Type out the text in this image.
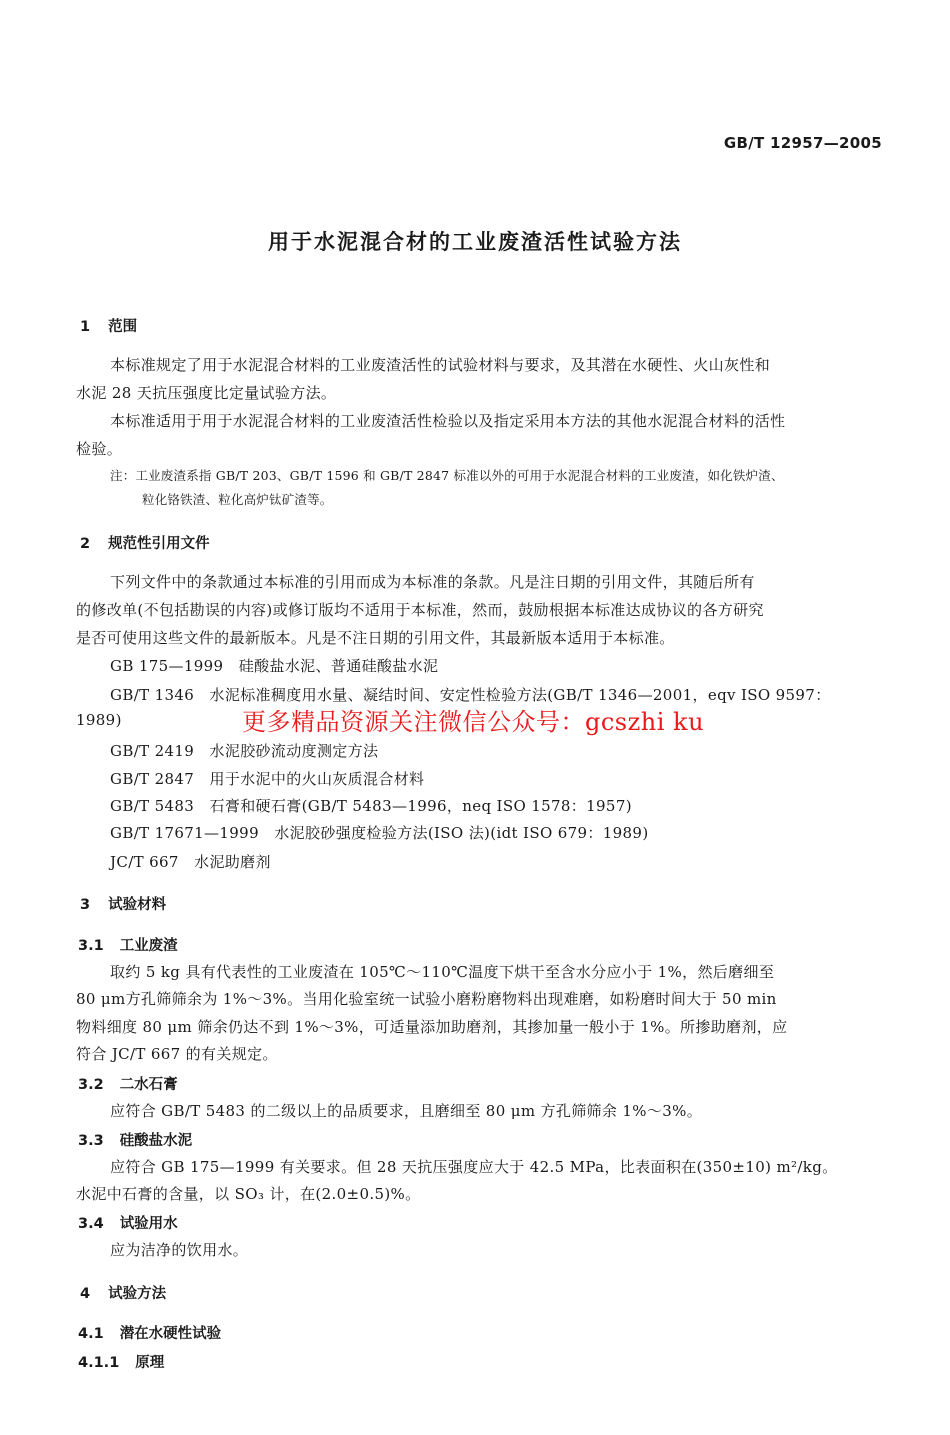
GB/T 12957—2005
用于水泥混合材的工业废渣活性试验方法
1 范围
本标准规定了用于水泥混合材料的工业废渣活性的试验材料与要求，及其潜在水硬性、火山灰性和
水泥 28 天抗压强度比定量试验方法。
本标准适用于用于水泥混合材料的工业废渣活性检验以及指定采用本方法的其他水泥混合材料的活性
检验。
注：工业废渣系指 GB/T 203、GB/T 1596 和 GB/T 2847 标准以外的可用于水泥混合材料的工业废渣，如化铁炉渣、
粒化铬铁渣、粒化高炉钛矿渣等。
2 规范性引用文件
下列文件中的条款通过本标准的引用而成为本标准的条款。凡是注日期的引用文件，其随后所有
的修改单(不包括勘误的内容)或修订版均不适用于本标准，然而，鼓励根据本标准达成协议的各方研究
是否可使用这些文件的最新版本。凡是不注日期的引用文件，其最新版本适用于本标准。
GB 175—1999　硅酸盐水泥、普通硅酸盐水泥
GB/T 1346　水泥标准稠度用水量、凝结时间、安定性检验方法(GB/T 1346—2001，eqv ISO 9597：
1989)	更多精品资源关注微信公众号：gcszhi ku
GB/T 2419　水泥胶砂流动度测定方法
GB/T 2847　用于水泥中的火山灰质混合材料
GB/T 5483　石膏和硬石膏(GB/T 5483—1996，neq ISO 1578：1957)
GB/T 17671—1999　水泥胶砂强度检验方法(ISO 法)(idt ISO 679：1989)
JC/T 667　水泥助磨剂
3 试验材料
3.1 工业废渣
取约 5 kg 具有代表性的工业废渣在 105℃～110℃温度下烘干至含水分应小于 1%，然后磨细至
80 μm方孔筛筛余为 1%～3%。当用化验室统一试验小磨粉磨物料出现难磨，如粉磨时间大于 50 min
物料细度 80 μm 筛余仍达不到 1%～3%，可适量添加助磨剂，其掺加量一般小于 1%。所掺助磨剂，应
符合 JC/T 667 的有关规定。
3.2 二水石膏
应符合 GB/T 5483 的二级以上的品质要求，且磨细至 80 μm 方孔筛筛余 1%～3%。
3.3 硅酸盐水泥
应符合 GB 175—1999 有关要求。但 28 天抗压强度应大于 42.5 MPa，比表面积在(350±10) m²/kg。
水泥中石膏的含量，以 SO₃ 计，在(2.0±0.5)%。
3.4 试验用水
应为洁净的饮用水。
4 试验方法
4.1 潜在水硬性试验
4.1.1 原理
